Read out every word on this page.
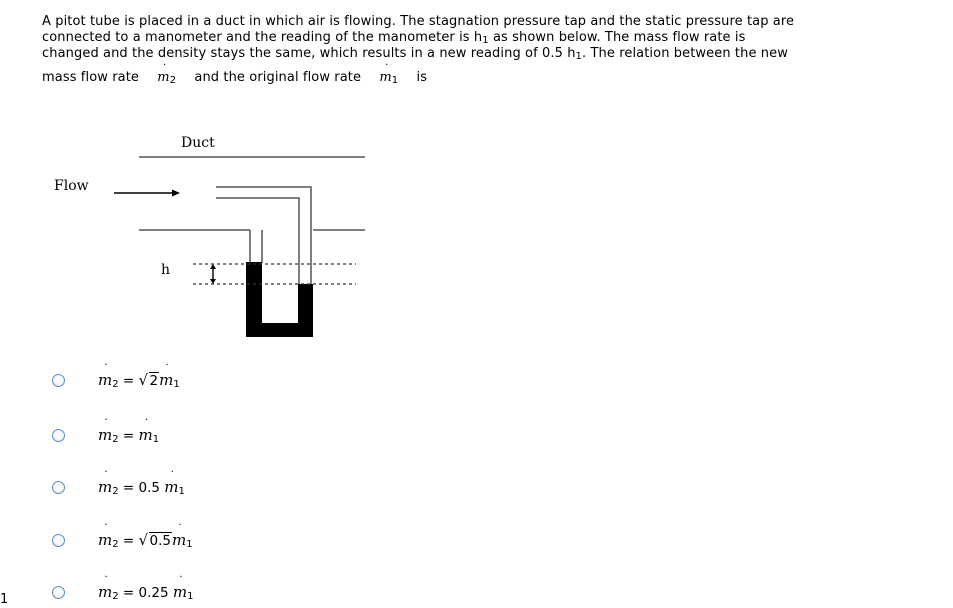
A pitot tube is placed in a duct in which air is flowing. The stagnation pressure tap and the static pressure tap are
connected to a manometer and the reading of the manometer is $h_1$ as shown below. The mass flow rate is
changed and the density stays the same, which results in a new reading of 0.5 $h_1$. The relation between the new
mass flow rate ˙ $m_2$ and the original flow rate ˙ $m_1$ is
Duct
Flow
h
˙ $m_2$ = √ 2˙ $m_1$
˙ $m_2$ = ˙ $m_1$
˙ $m_2 = 0.5$ ˙ $m_1$
˙ $m_2$ = √ 0.5˙ $m_1$
˙ $m_2 = 0.25$ ˙ $m_1$
1
